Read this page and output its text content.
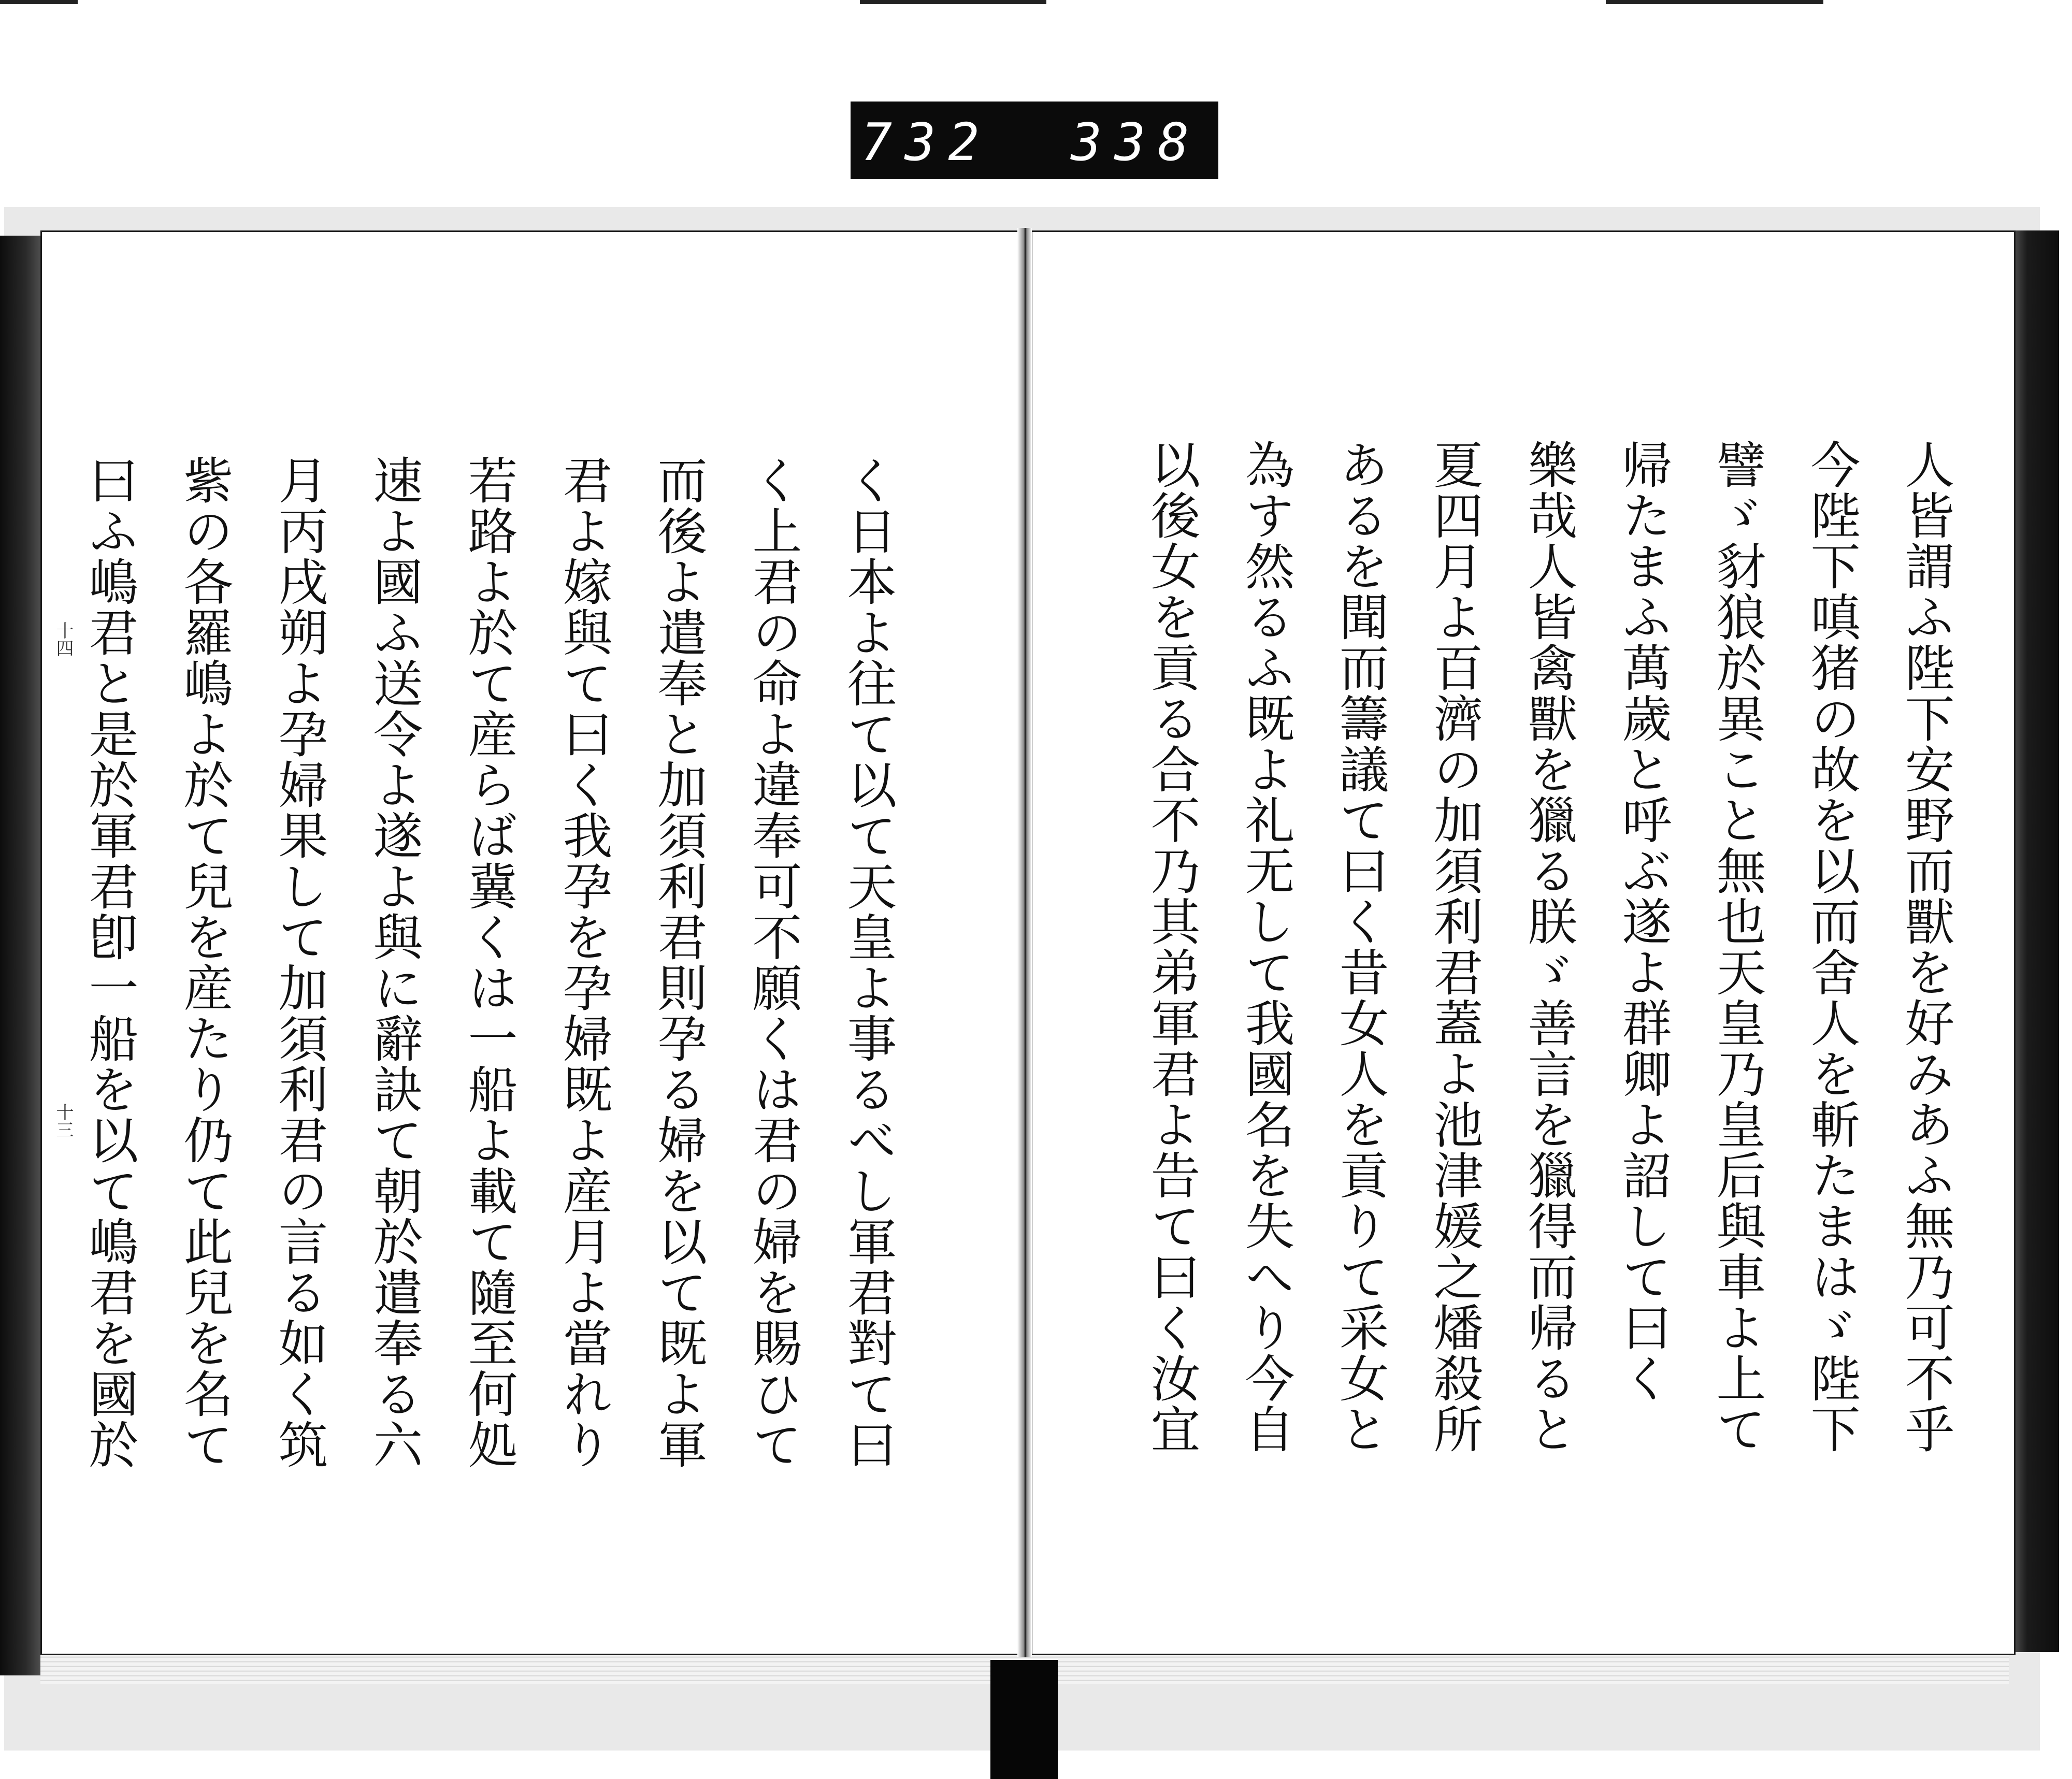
732 338
く日本よ往て以て天皇よ事るべし軍君對て曰
く上君の命よ違奉可不願くは君の婦を賜ひて
而後よ遣奉と加須利君則孕る婦を以て既よ軍
君よ嫁與て曰く我孕を孕婦既よ産月よ當れり
若路よ於て産らば冀くは一船よ載て隨至何処
速よ國ふ送令よ遂よ與に辭訣て朝於遣奉る六
月丙戌朔よ孕婦果して加須利君の言る如く筑
紫の各羅嶋よ於て兒を産たり仍て此兒を名て
曰ふ嶋君と是於軍君卽一船を以て嶋君を國於
十四
十三	人皆謂ふ陛下安野而獸を好みあふ無乃可不乎
今陛下嗔猪の故を以而舍人を斬たまはゞ陛下
譬ゞ豺狼於異こと無也天皇乃皇后與車よ上て
帰たまふ萬歲と呼ぶ遂よ群卿よ詔して曰く
樂哉人皆禽獸を獵る朕ゞ善言を獵得而帰ると
夏四月よ百濟の加須利君蓋よ池津媛之燔殺所
あるを聞而籌議て曰く昔女人を貢りて采女と
為す然るふ既よ礼无して我國名を失へり今自
以後女を貢る合不乃其弟軍君よ告て曰く汝宜
